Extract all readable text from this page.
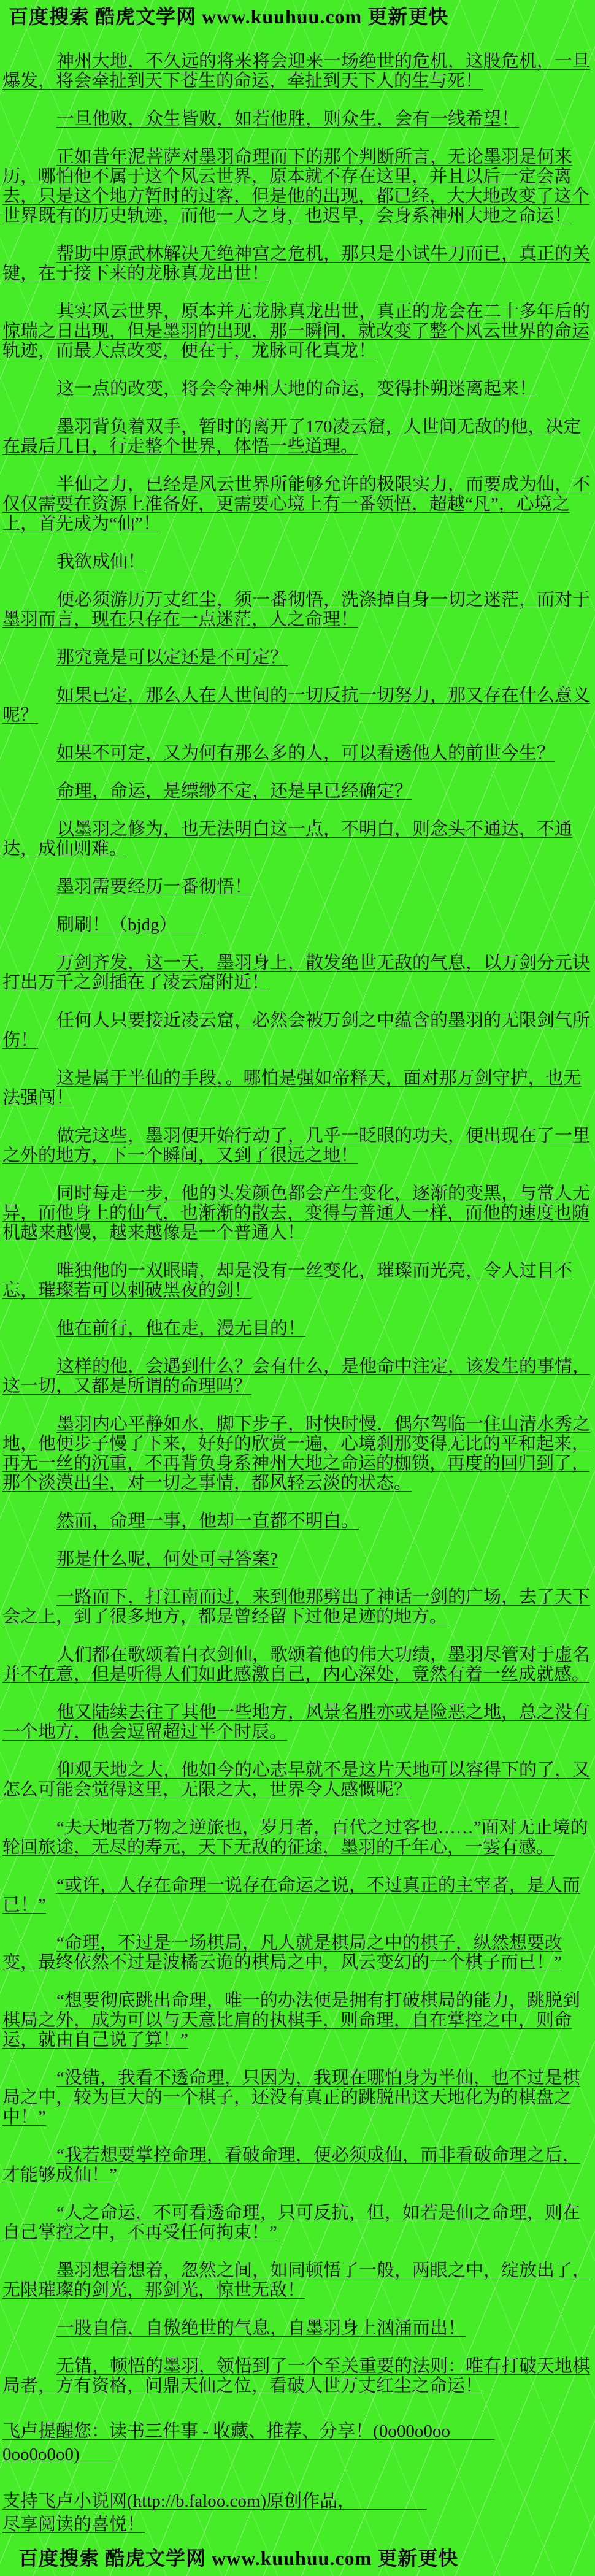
百度搜索 酷虎文学网 www.kuuhuu.com 更新更快

神州大地，不久远的将来将会迎来一场绝世的危机，这股危机，一旦爆发，将会牵扯到天下苍生的命运，牵扯到天下人的生与死！

一旦他败，众生皆败，如若他胜，则众生，会有一线希望！

正如昔年泥菩萨对墨羽命理而下的那个判断所言，无论墨羽是何来历，哪怕他不属于这个风云世界，原本就不存在这里，并且以后一定会离去，只是这个地方暂时的过客，但是他的出现，都已经，大大地改变了这个世界既有的历史轨迹，而他一人之身，也迟早，会身系神州大地之命运！

帮助中原武林解决无绝神宫之危机，那只是小试牛刀而已，真正的关键，在于接下来的龙脉真龙出世！

其实风云世界，原本并无龙脉真龙出世，真正的龙会在二十多年后的惊瑞之日出现，但是墨羽的出现，那一瞬间，就改变了整个风云世界的命运轨迹，而最大点改变，便在于，龙脉可化真龙！

这一点的改变，将会令神州大地的命运，变得扑朔迷离起来！

墨羽背负着双手，暂时的离开了170凌云窟，人世间无敌的他，决定在最后几日，行走整个世界，体悟一些道理。

半仙之力，已经是风云世界所能够允许的极限实力，而要成为仙，不仅仅需要在资源上准备好，更需要心境上有一番领悟，超越“凡”，心境之上，首先成为“仙”！

我欲成仙！

便必须游历万丈红尘，须一番彻悟，洗涤掉自身一切之迷茫，而对于墨羽而言，现在只存在一点迷茫，人之命理！

那究竟是可以定还是不可定？

如果已定，那么人在人世间的一切反抗一切努力，那又存在什么意义呢？

如果不可定，又为何有那么多的人，可以看透他人的前世今生？

命理，命运，是缥缈不定，还是早已经确定？

以墨羽之修为，也无法明白这一点，不明白，则念头不通达，不通达，成仙则难。

墨羽需要经历一番彻悟！

刷刷！（bjdg）

万剑齐发，这一天，墨羽身上，散发绝世无敌的气息，以万剑分元诀打出万千之剑插在了凌云窟附近！

任何人只要接近凌云窟，必然会被万剑之中蕴含的墨羽的无限剑气所伤！

这是属于半仙的手段，。哪怕是强如帝释天，面对那万剑守护，也无法强闯！

做完这些，墨羽便开始行动了，几乎一眨眼的功夫，便出现在了一里之外的地方，下一个瞬间，又到了很远之地！

同时每走一步，他的头发颜色都会产生变化，逐渐的变黑，与常人无异，而他身上的仙气，也渐渐的散去，变得与普通人一样，而他的速度也随机越来越慢，越来越像是一个普通人！

唯独他的一双眼睛，却是没有一丝变化，璀璨而光亮，令人过目不忘，璀璨若可以刺破黑夜的剑！

他在前行，他在走，漫无目的！

这样的他，会遇到什么？会有什么，是他命中注定，该发生的事情，这一切，又都是所谓的命理吗？

墨羽内心平静如水，脚下步子，时快时慢，偶尔驾临一住山清水秀之地，他便步子慢了下来，好好的欣赏一遍，心境刹那变得无比的平和起来，再无一丝的沉重，不再背负身系神州大地之命运的枷锁，再度的回归到了，那个淡漠出尘，对一切之事情，都风轻云淡的状态。

然而，命理一事，他却一直都不明白。

那是什么呢，何处可寻答案?

一路而下，打江南而过，来到他那劈出了神话一剑的广场，去了天下会之上，到了很多地方，都是曾经留下过他足迹的地方。

人们都在歌颂着白衣剑仙，歌颂着他的伟大功绩，墨羽尽管对于虚名并不在意，但是听得人们如此感激自己，内心深处，竟然有着一丝成就感。

他又陆续去往了其他一些地方，风景名胜亦或是险恶之地，总之没有一个地方，他会逗留超过半个时辰。

仰观天地之大，他如今的心志早就不是这片天地可以容得下的了，又怎么可能会觉得这里，无限之大，世界令人感慨呢？

“夫天地者万物之逆旅也，岁月者，百代之过客也……”面对无止境的轮回旅途，无尽的寿元，天下无敌的征途，墨羽的千年心，一霎有感。

“或许，人存在命理一说存在命运之说，不过真正的主宰者，是人而已！”

“命理，不过是一场棋局，凡人就是棋局之中的棋子，纵然想要改变，最终依然不过是波橘云诡的棋局之中，风云变幻的一个棋子而已！”

“想要彻底跳出命理，唯一的办法便是拥有打破棋局的能力，跳脱到棋局之外，成为可以与天意比肩的执棋手，则命理，自在掌控之中，则命运，就由自己说了算！”

“没错，我看不透命理，只因为，我现在哪怕身为半仙，也不过是棋局之中，较为巨大的一个棋子，还没有真正的跳脱出这天地化为的棋盘之中！”

“我若想要掌控命理，看破命理，便必须成仙，而非看破命理之后，才能够成仙！”

“人之命运，不可看透命理，只可反抗，但，如若是仙之命理，则在自己掌控之中，不再受任何拘束！”

墨羽想着想着，忽然之间，如同顿悟了一般，两眼之中，绽放出了，无限璀璨的剑光，那剑光，惊世无敌！

一股自信，自傲绝世的气息，自墨羽身上汹涌而出！

无错，顿悟的墨羽，领悟到了一个至关重要的法则：唯有打破天地棋局者，方有资格，问鼎天仙之位，看破人世万丈红尘之命运！

飞卢提醒您：读书三件事 - 收藏、推荐、分享！(0o00o0oo

0oo0o0o0)

支持飞卢小说网(http://b.faloo.com)原创作品，

尽享阅读的喜悦！

百度搜索 酷虎文学网 www.kuuhuu.com 更新更快
